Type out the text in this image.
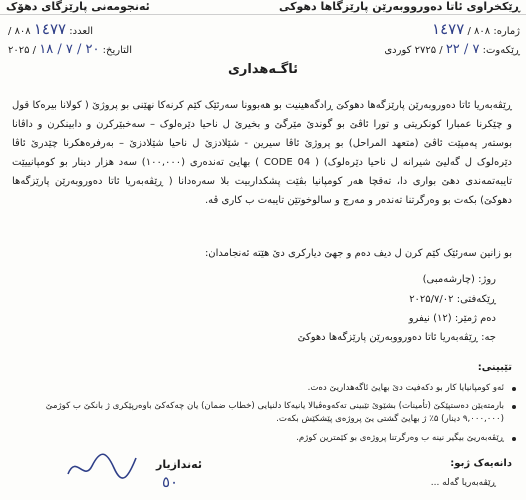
ڕێکخراوی ئاتا دەورووبەرێن پارێزگاها دهوکی
ئەنجومەنی پارێزگای دهۆک
ژمارە: ۸۰۸ / ١٤٧٧
ڕێکەوت: ٧ / ٢٢ / ۲۷۲۵ کوردی
العدد: ١٤٧٧ ۸۰۸ /
التاریخ: ٢٠ / ٧ / ١٨ / ۲۰۲۵
ئاگـەهداری
ڕێڤەبەریا ئاتا دەوروبەرێن پارێزگەها دهوکێ ڕادگەهینیت بو هەبوونا سەرئێک کێم کرنەکا نهێنی بو پروژێ ( کولانا بیرەکا قول و چێکرنا عمبارا کونکریتی و تورا ئاڤێ بو گوندێ مێرگێ و بخیرێ ل ناحیا دێرەلوک – سەخبێرکرن و دابینکرن و داڤانا بوستەر پەمپێت ئاڤێ (متعهد المراحل) بو پروژێ ئاڤا سیرین - شێلادزێ ل ناحیا شێلادزێ – بەرفرەهکرنا چێدرێ ئاڤا دێرەلوک ل گەلیێ شیرانە ل ناحیا دێرەلوک) ( CODE 04 ) بهایێ تەندەری (۱۰۰,۰۰۰) سەد هزار دینار بو کومپانییێت تایبەتمەندی دهێ بواری دا، تەقچا هەر کومپانیا بڤێت پشکداربیت بلا سەرەدانا ( ڕێڤەبەریا ئاتا دەوروبەرێن پارێزگەها دهوکێ) بکەت بو وەرگرتنا تەندەر و مەرج و سالوخوتێن تایبەت ب کاری ڤە.
بو زانین سەرئێک کێم کرن ل دیف دەم و جهێ دیارکری دێ هێتە ئەنجامدان:
روژ: (چارشەمبی)
ڕێکەفتی: ۲۰۲۵/۷/۰۲
دەم ژمێر: (۱۲) نیفرو
جه: ڕێڤەبەریا ئاتا دەورووبەرێن پارێزگەها دهوکێ
تێبینی:
ئەو کومپانیایا کار بو دکەفیت دێ بهایێ ئاگەهداریێ دەت.
بارمتەیێن دەستپێکێ (تأمینات) بشێوێ تێبینی تەکەوەڤبالا یانیەکا دلنیایی (خطاب ضمان) یان چەکەکێ باوەرپێکری ژ بانکێ ب کوژمێ (۹,۰۰۰,۰۰۰ دینار) ۵٪ ژ بهایێ گشتی یێ پروژەی پێشکێش بکەت.
ڕێڤەبەریێ بیگیر نینە ب وەرگرتنا پروژەی بو کێمترین کوژم.
ئەندازیار
٥٠
دانەیەک ژبو:
ڕێڤەبەریا گەلە ...
